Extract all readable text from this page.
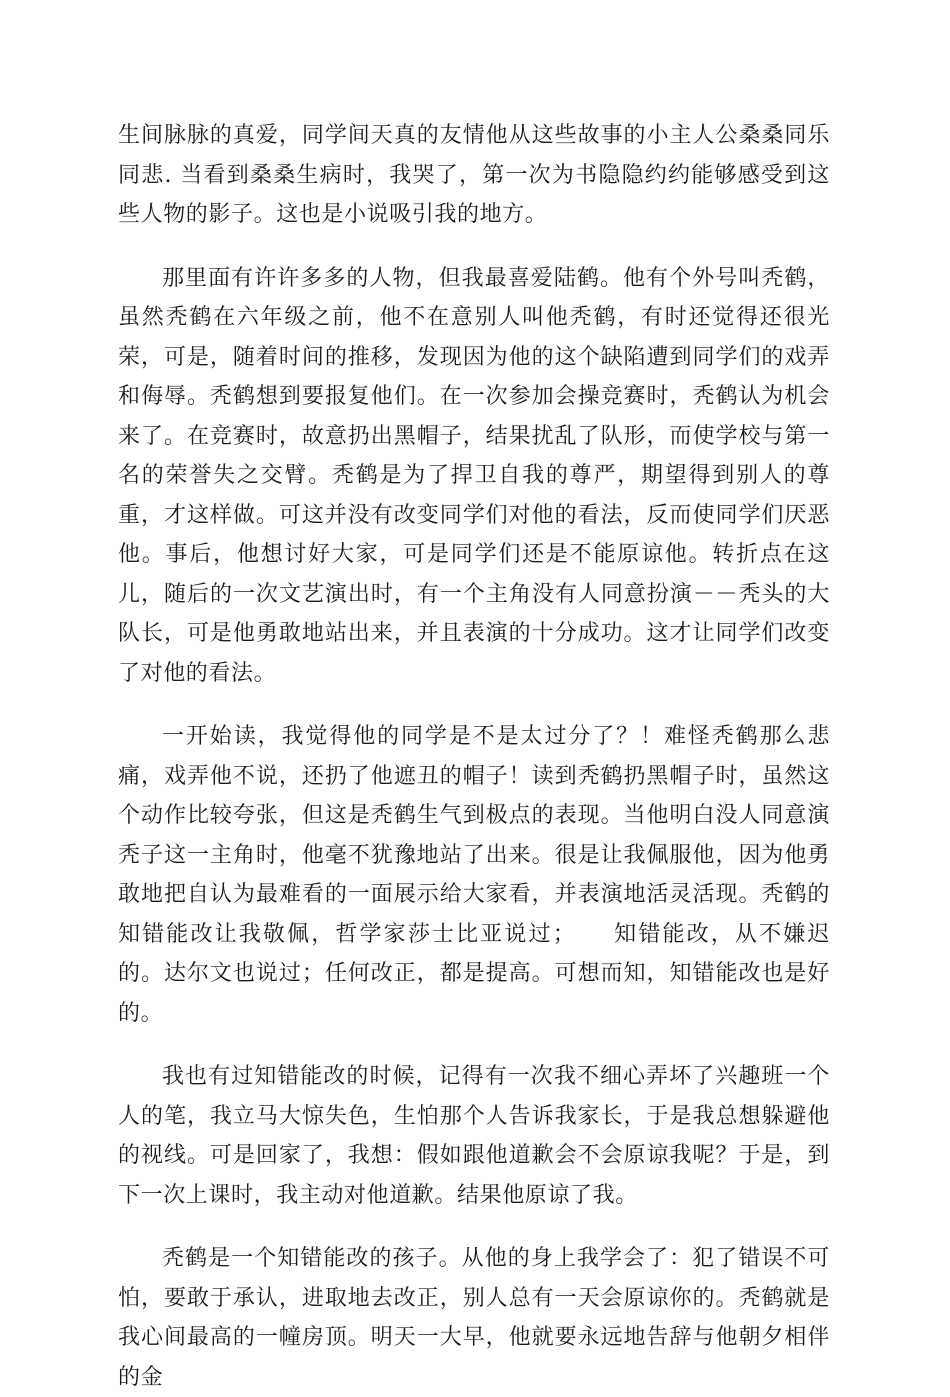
生间脉脉的真爱，同学间天真的友情他从这些故事的小主人公桑桑同乐同悲. 当看到桑桑生病时，我哭了，第一次为书隐隐约约能够感受到这些人物的影子。这也是小说吸引我的地方。

那里面有许许多多的人物，但我最喜爱陆鹤。他有个外号叫秃鹤，虽然秃鹤在六年级之前，他不在意别人叫他秃鹤，有时还觉得还很光荣，可是，随着时间的推移，发现因为他的这个缺陷遭到同学们的戏弄和侮辱。秃鹤想到要报复他们。在一次参加会操竞赛时，秃鹤认为机会来了。在竞赛时，故意扔出黑帽子，结果扰乱了队形，而使学校与第一名的荣誉失之交臂。秃鹤是为了捍卫自我的尊严，期望得到别人的尊重，才这样做。可这并没有改变同学们对他的看法，反而使同学们厌恶他。事后，他想讨好大家，可是同学们还是不能原谅他。转折点在这儿，随后的一次文艺演出时，有一个主角没有人同意扮演－－秃头的大队长，可是他勇敢地站出来，并且表演的十分成功。这才让同学们改变了对他的看法。

一开始读，我觉得他的同学是不是太过分了？！难怪秃鹤那么悲痛，戏弄他不说，还扔了他遮丑的帽子！读到秃鹤扔黑帽子时，虽然这个动作比较夸张，但这是秃鹤生气到极点的表现。当他明白没人同意演秃子这一主角时，他毫不犹豫地站了出来。很是让我佩服他，因为他勇敢地把自认为最难看的一面展示给大家看，并表演地活灵活现。秃鹤的知错能改让我敬佩，哲学家莎士比亚说过；　　知错能改，从不嫌迟的。达尔文也说过；任何改正，都是提高。可想而知，知错能改也是好的。

我也有过知错能改的时候，记得有一次我不细心弄坏了兴趣班一个人的笔，我立马大惊失色，生怕那个人告诉我家长，于是我总想躲避他的视线。可是回家了，我想：假如跟他道歉会不会原谅我呢？于是，到下一次上课时，我主动对他道歉。结果他原谅了我。

秃鹤是一个知错能改的孩子。从他的身上我学会了：犯了错误不可怕，要敢于承认，进取地去改正，别人总有一天会原谅你的。秃鹤就是我心间最高的一幢房顶。明天一大早，他就要永远地告辞与他朝夕相伴的金
